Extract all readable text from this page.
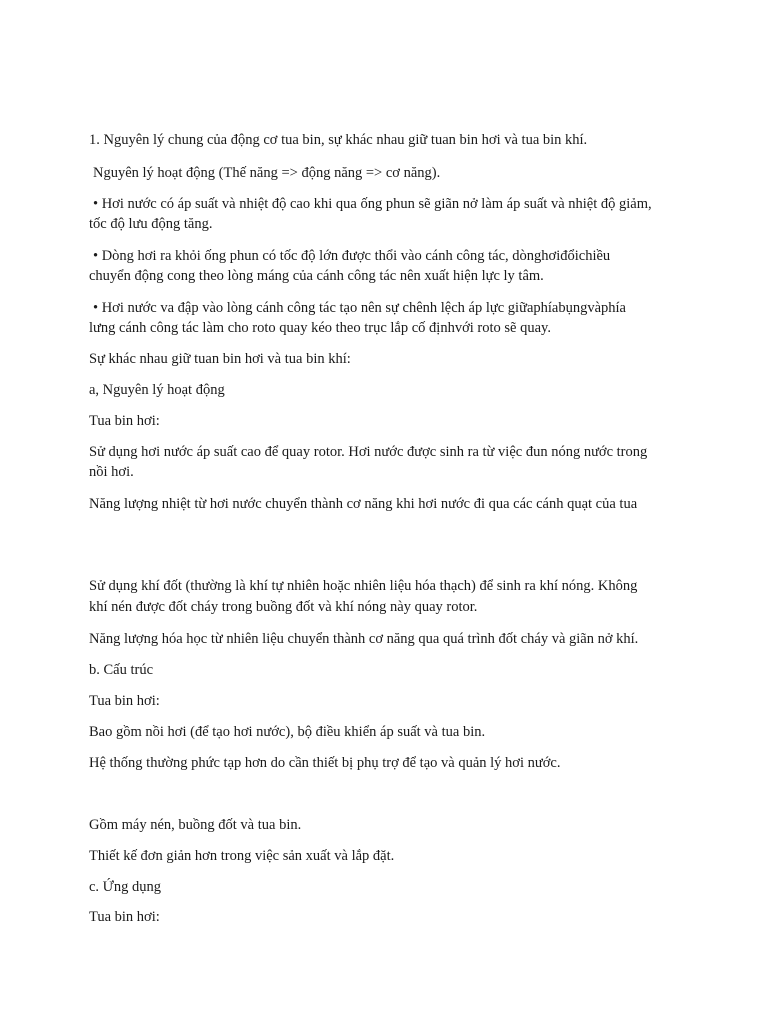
1. Nguyên lý chung của động cơ tua bin, sự khác nhau giữ tuan bin hơi và tua bin khí.
Nguyên lý hoạt động (Thế năng => động năng => cơ năng).
• Hơi nước có áp suất và nhiệt độ cao khi qua ống phun sẽ giãn nở làm áp suất và nhiệt độ giảm,
tốc độ lưu động tăng.
• Dòng hơi ra khỏi ống phun có tốc độ lớn được thổi vào cánh công tác, dònghơiđổichiều
chuyển động cong theo lòng máng của cánh công tác nên xuất hiện lực ly tâm.
• Hơi nước va đập vào lòng cánh công tác tạo nên sự chênh lệch áp lực giữaphíabụngvàphía
lưng cánh công tác làm cho roto quay kéo theo trục lắp cố địnhvới roto sẽ quay.
Sự khác nhau giữ tuan bin hơi và tua bin khí:
a, Nguyên lý hoạt động
Tua bin hơi:
Sử dụng hơi nước áp suất cao để quay rotor. Hơi nước được sinh ra từ việc đun nóng nước trong
nồi hơi.
Năng lượng nhiệt từ hơi nước chuyển thành cơ năng khi hơi nước đi qua các cánh quạt của tua
Sử dụng khí đốt (thường là khí tự nhiên hoặc nhiên liệu hóa thạch) để sinh ra khí nóng. Không
khí nén được đốt cháy trong buồng đốt và khí nóng này quay rotor.
Năng lượng hóa học từ nhiên liệu chuyển thành cơ năng qua quá trình đốt cháy và giãn nở khí.
b. Cấu trúc
Tua bin hơi:
Bao gồm nồi hơi (để tạo hơi nước), bộ điều khiển áp suất và tua bin.
Hệ thống thường phức tạp hơn do cần thiết bị phụ trợ để tạo và quản lý hơi nước.
Gồm máy nén, buồng đốt và tua bin.
Thiết kế đơn giản hơn trong việc sản xuất và lắp đặt.
c. Ứng dụng
Tua bin hơi:
